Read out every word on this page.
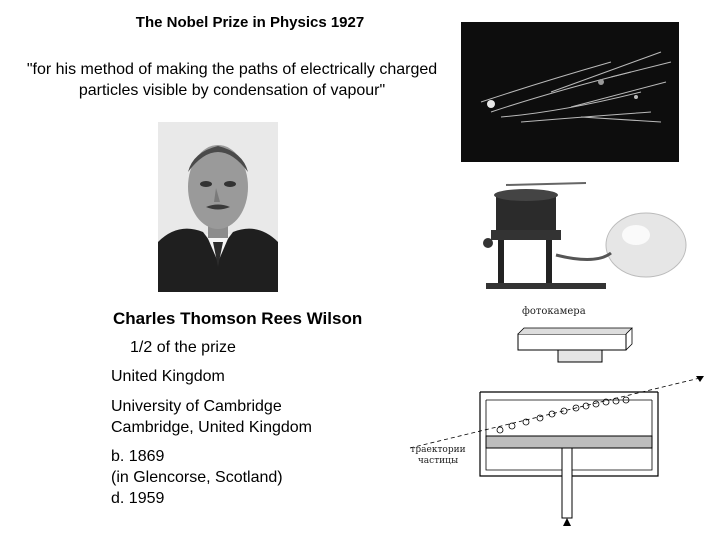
The Nobel Prize in Physics 1927
"for his method of making the paths of electrically charged particles visible by condensation of vapour"
Charles Thomson Rees Wilson
1/2 of the prize
United Kingdom
University of Cambridge
Cambridge, United Kingdom
b. 1869
(in Glencorse, Scotland)
d. 1959
фотокамера
траектории
частицы
